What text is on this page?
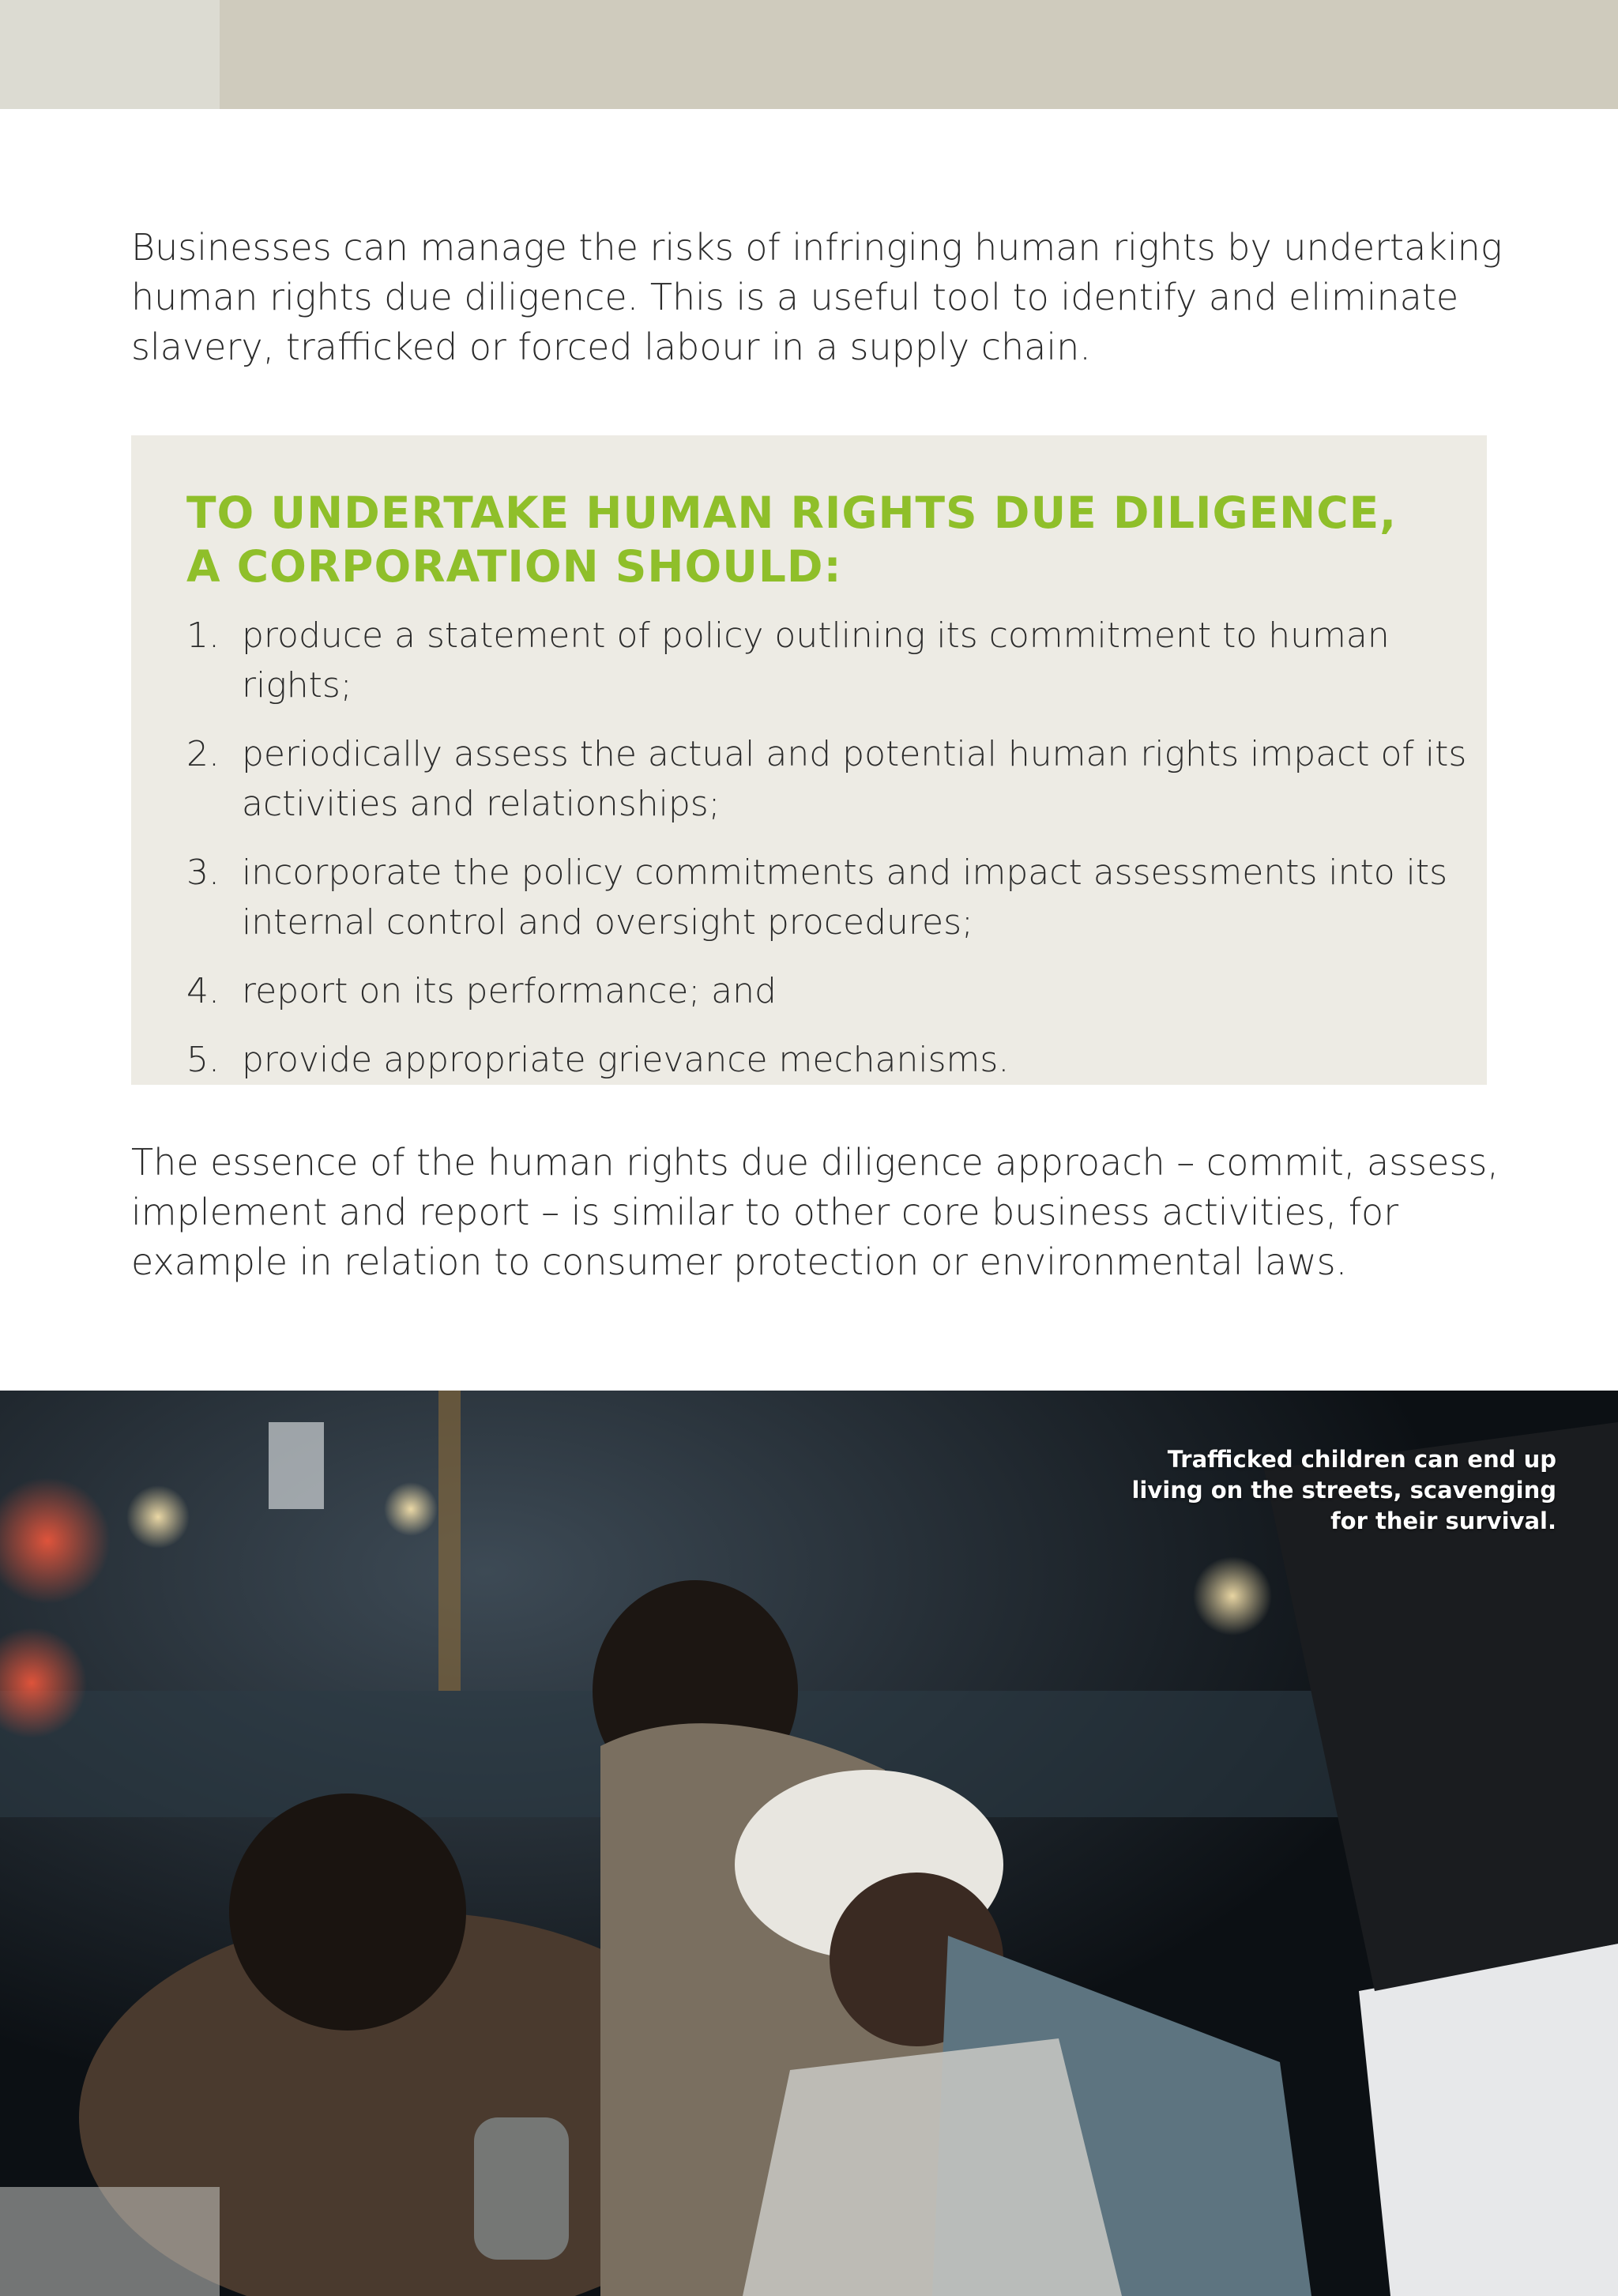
Businesses can manage the risks of infringing human rights by undertaking human rights due diligence. This is a useful tool to identify and eliminate slavery, trafficked or forced labour in a supply chain.

TO UNDERTAKE HUMAN RIGHTS DUE DILIGENCE,
A CORPORATION SHOULD:
1. produce a statement of policy outlining its commitment to human rights;
2. periodically assess the actual and potential human rights impact of its activities and relationships;
3. incorporate the policy commitments and impact assessments into its internal control and oversight procedures;
4. report on its performance; and
5. provide appropriate grievance mechanisms.

The essence of the human rights due diligence approach – commit, assess, implement and report – is similar to other core business activities, for example in relation to consumer protection or environmental laws.

Trafficked children can end up living on the streets, scavenging for their survival.
